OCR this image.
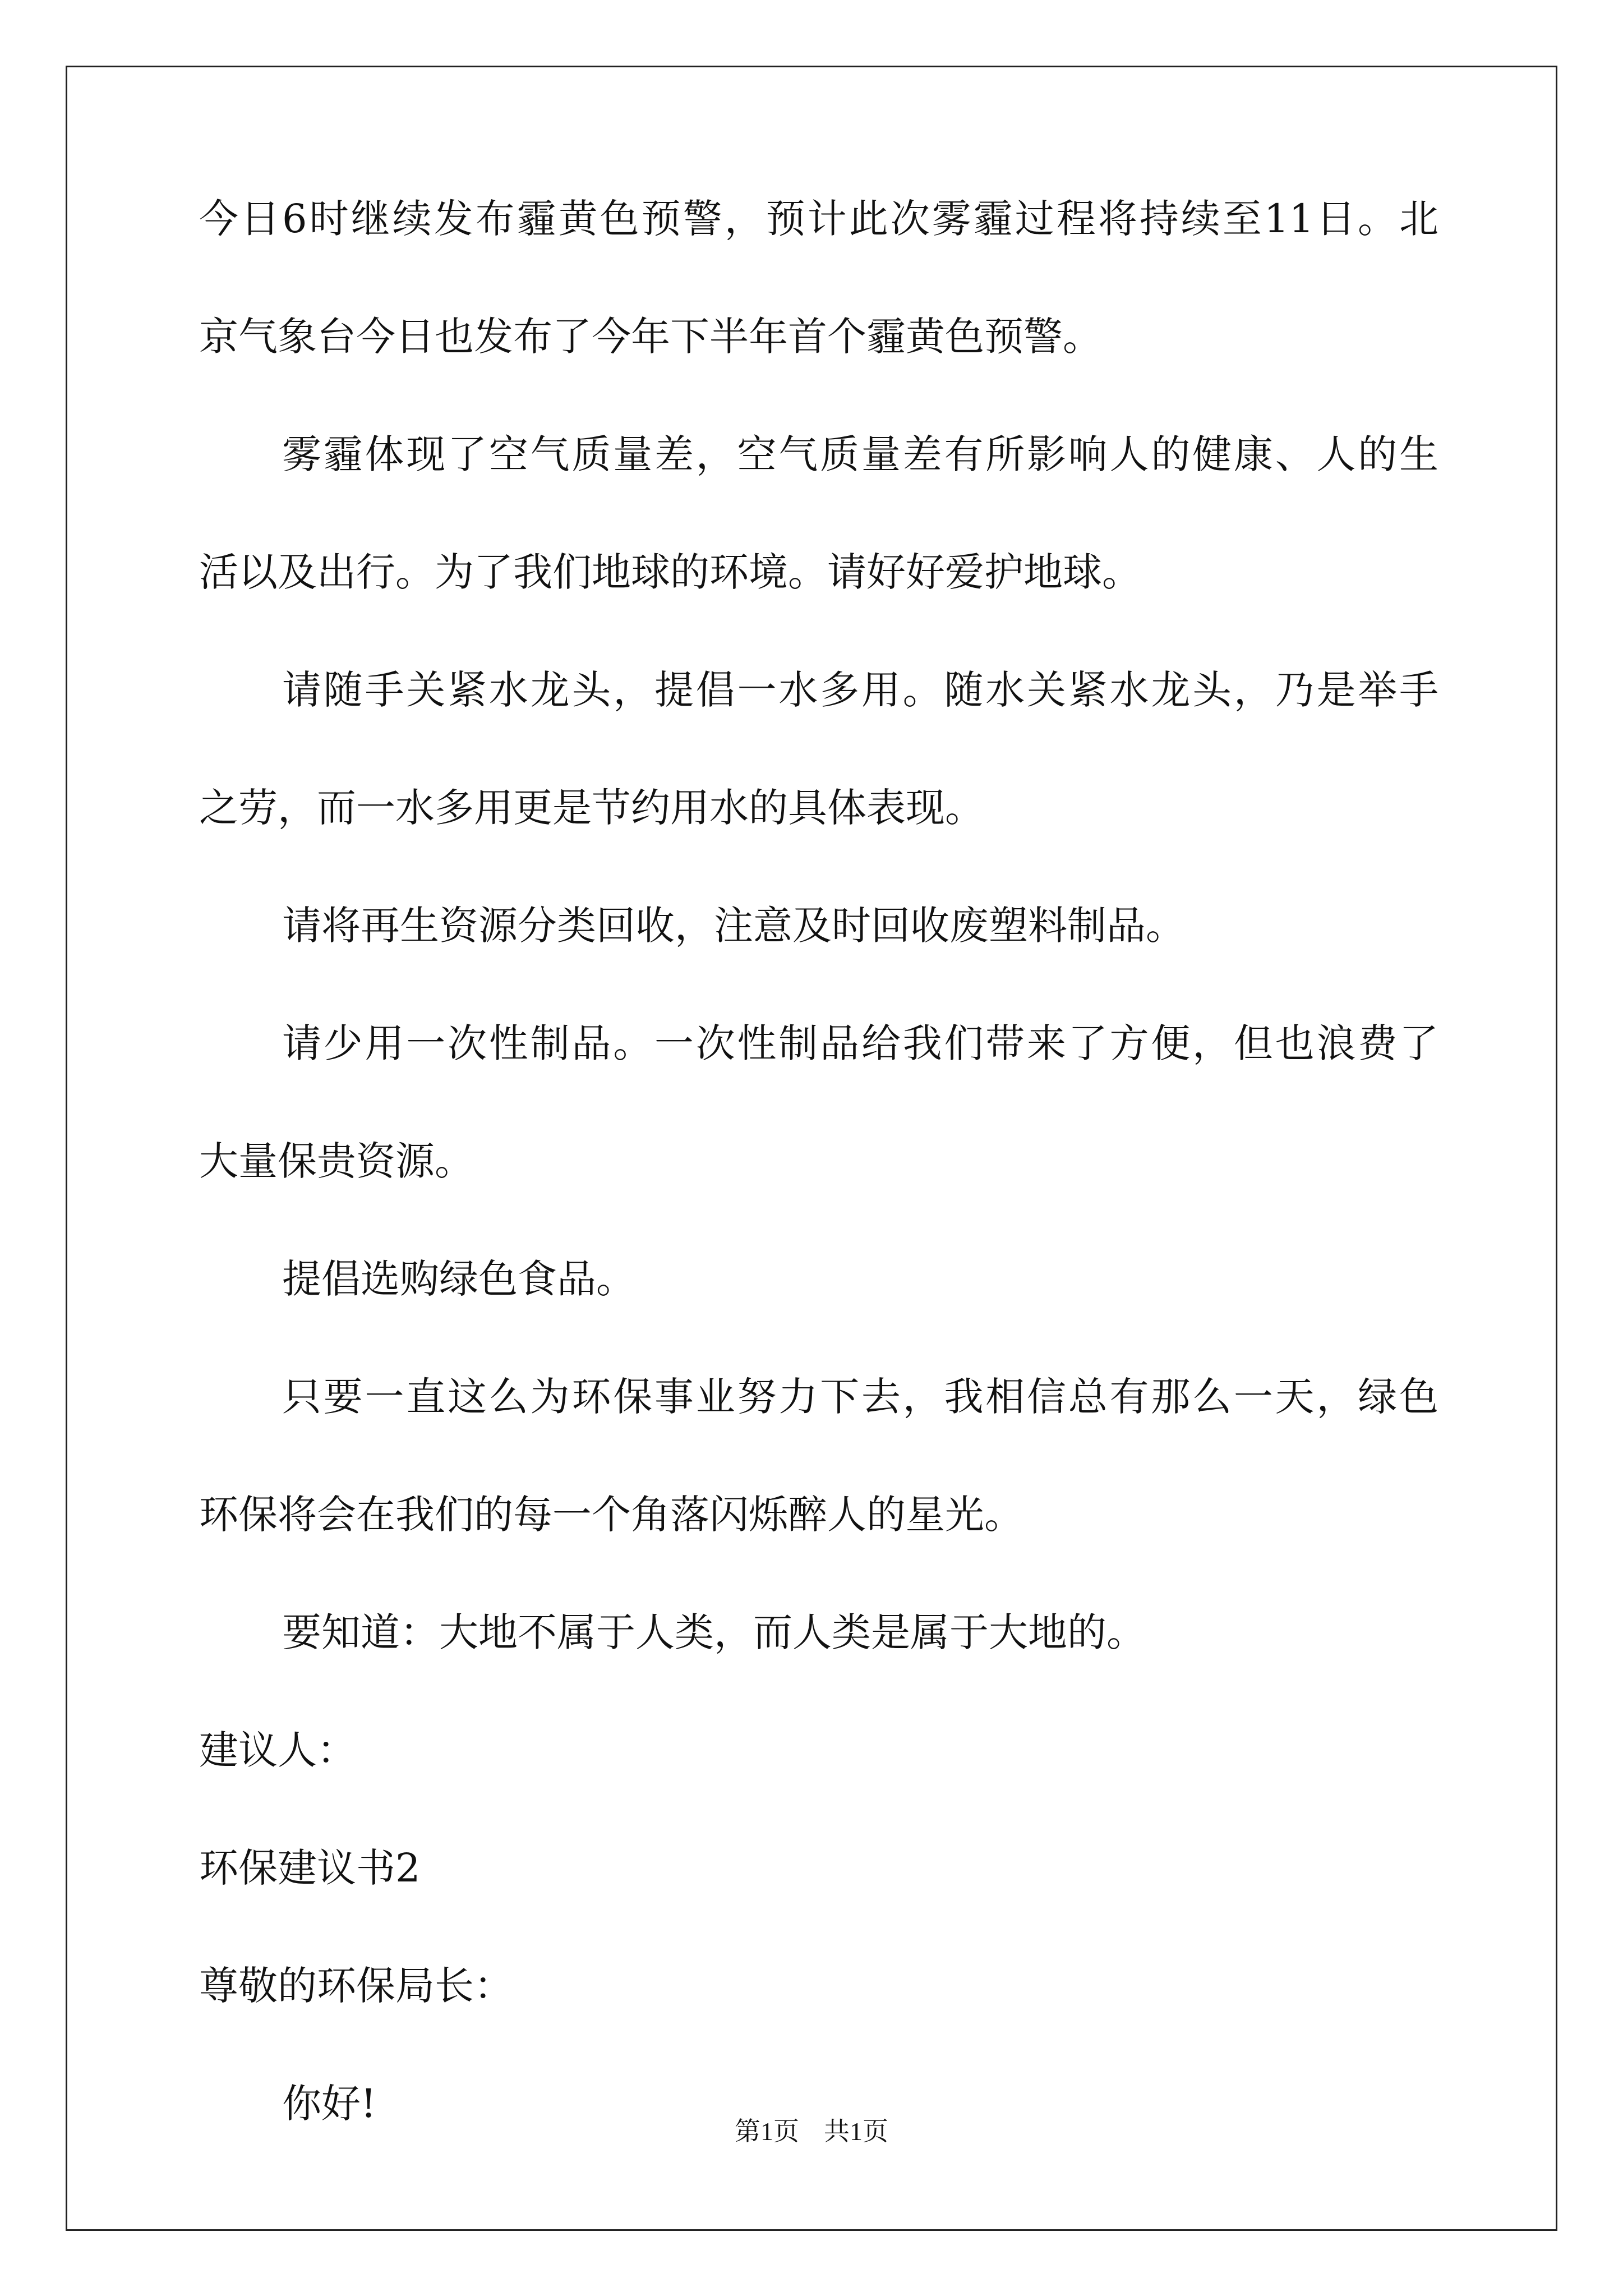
今日6时继续发布霾黄色预警，预计此次雾霾过程将持续至11日。北
京气象台今日也发布了今年下半年首个霾黄色预警。
雾霾体现了空气质量差，空气质量差有所影响人的健康、人的生
活以及出行。为了我们地球的环境。请好好爱护地球。
请随手关紧水龙头，提倡一水多用。随水关紧水龙头，乃是举手
之劳，而一水多用更是节约用水的具体表现。
请将再生资源分类回收，注意及时回收废塑料制品。
请少用一次性制品。一次性制品给我们带来了方便，但也浪费了
大量保贵资源。
提倡选购绿色食品。
只要一直这么为环保事业努力下去，我相信总有那么一天，绿色
环保将会在我们的每一个角落闪烁醉人的星光。
要知道：大地不属于人类，而人类是属于大地的。
建议人：
环保建议书2
尊敬的环保局长：
你好!
第1页 共1页
